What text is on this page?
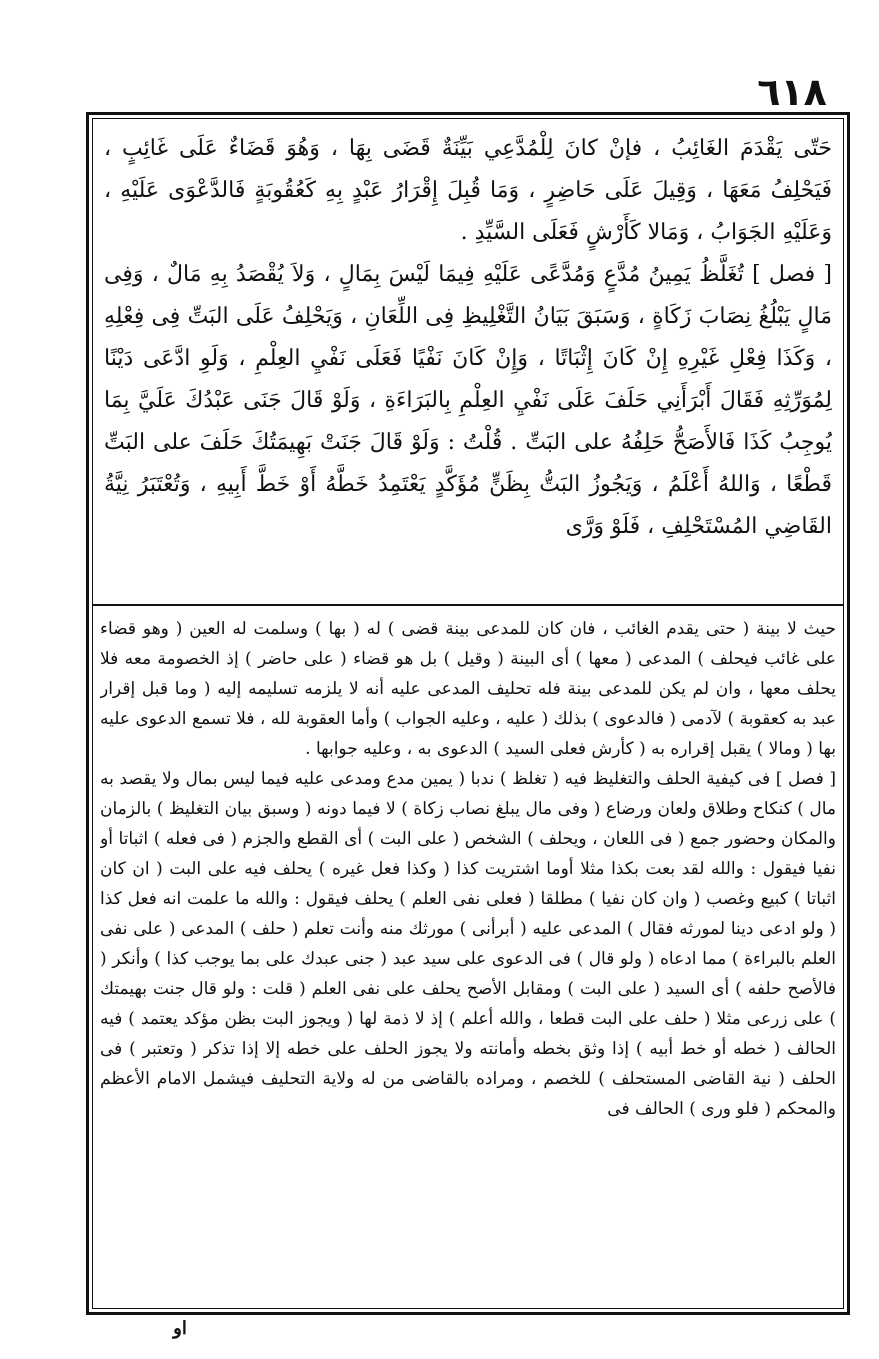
٦١٨

حَتّى يَقْدَمَ الغَائِبُ ، فإنْ كانَ لِلْمُدَّعِي بَيِّنَةٌ قَضَى بِهَا ، وَهُوَ قَضَاءٌ عَلَى غَائِبٍ ، فَيَحْلِفُ مَعَهَا ، وَقِيلَ عَلَى حَاضِرٍ ، وَمَا قُبِلَ إِقْرَارُ عَبْدٍ بِهِ كَعُقُوبَةٍ فَالدَّعْوَى عَلَيْهِ ، وَعَلَيْهِ الجَوَابُ ، وَمَالا كَأَرْشٍ فَعَلَى السَّيِّدِ .

[ فصل ] تُغَلَّظُ يَمِينُ مُدَّعٍ وَمُدَّعًى عَلَيْهِ فِيمَا لَيْسَ بِمَالٍ ، وَلاَ يُقْصَدُ بِهِ مَالٌ ، وَفِى مَالٍ يَبْلُغُ نِصَابَ زَكَاةٍ ، وَسَبَقَ بَيَانُ التَّغْلِيظِ فِى اللِّعَانِ ، وَيَحْلِفُ عَلَى البَتِّ فِى فِعْلِهِ ، وَكَذَا فِعْلِ غَيْرِهِ إِنْ كَانَ إِثْبَاتًا ، وَإِنْ كَانَ نَفْيًا فَعَلَى نَفْيِ العِلْمِ ، وَلَوِ ادَّعَى دَيْنًا لِمُوَرِّثِهِ فَقَالَ أَبْرَأَنِي حَلَفَ عَلَى نَفْيِ العِلْمِ بِالبَرَاءَةِ ، وَلَوْ قَالَ جَنَى عَبْدُكَ عَلَيَّ بِمَا يُوجِبُ كَذَا فَالأَصَحُّ حَلِفُهُ على البَتِّ . قُلْتُ : وَلَوْ قَالَ جَنَتْ بَهِيمَتُكَ حَلَفَ على البَتِّ قَطْعًا ، وَاللهُ أَعْلَمُ ، وَيَجُوزُ البَتُّ بِظَنٍّ مُؤَكَّدٍ يَعْتَمِدُ خَطَّهُ أَوْ خَطَّ أَبِيهِ ، وَتُعْتَبَرُ نِيَّةُ القَاضِي المُسْتَحْلِفِ ، فَلَوْ وَرَّى

حيث لا بينة ( حتى يقدم الغائب ، فان كان للمدعى بينة قضى ) له ( بها ) وسلمت له العين ( وهو قضاء على غائب فيحلف ) المدعى ( معها ) أى البينة ( وقيل ) بل هو قضاء ( على حاضر ) إذ الخصومة معه فلا يحلف معها ، وان لم يكن للمدعى بينة فله تحليف المدعى عليه أنه لا يلزمه تسليمه إليه ( وما قبل إقرار عبد به كعقوبة ) لآدمى ( فالدعوى ) بذلك ( عليه ، وعليه الجواب ) وأما العقوبة لله ، فلا تسمع الدعوى عليه بها ( ومالا ) يقبل إقراره به ( كأرش فعلى السيد ) الدعوى به ، وعليه جوابها .

[ فصل ] فى كيفية الحلف والتغليظ فيه ( تغلظ ) ندبا ( يمين مدع ومدعى عليه فيما ليس بمال ولا يقصد به مال ) كنكاح وطلاق ولعان ورضاع ( وفى مال يبلغ نصاب زكاة ) لا فيما دونه ( وسبق بيان التغليظ ) بالزمان والمكان وحضور جمع ( فى اللعان ، ويحلف ) الشخص ( على البت ) أى القطع والجزم ( فى فعله ) اثباتا أو نفيا فيقول : والله لقد بعت بكذا مثلا أوما اشتريت كذا ( وكذا فعل غيره ) يحلف فيه على البت ( ان كان اثباتا ) كبيع وغصب ( وان كان نفيا ) مطلقا ( فعلى نفى العلم ) يحلف فيقول : والله ما علمت انه فعل كذا ( ولو ادعى دينا لمورثه فقال ) المدعى عليه ( أبرأنى ) مورثك منه وأنت تعلم ( حلف ) المدعى ( على نفى العلم بالبراءة ) مما ادعاه ( ولو قال ) فى الدعوى على سيد عبد ( جنى عبدك على بما يوجب كذا ) وأنكر ( فالأصح حلفه ) أى السيد ( على البت ) ومقابل الأصح يحلف على نفى العلم ( قلت : ولو قال جنت بهيمتك ) على زرعى مثلا ( حلف على البت قطعا ، والله أعلم ) إذ لا ذمة لها ( ويجوز البت بظن مؤكد يعتمد ) فيه الحالف ( خطه أو خط أبيه ) إذا وثق بخطه وأمانته ولا يجوز الحلف على خطه إلا إذا تذكر ( وتعتبر ) فى الحلف ( نية القاضى المستحلف ) للخصم ، ومراده بالقاضى من له ولاية التحليف فيشمل الامام الأعظم والمحكم ( فلو ورى ) الحالف فى

او
